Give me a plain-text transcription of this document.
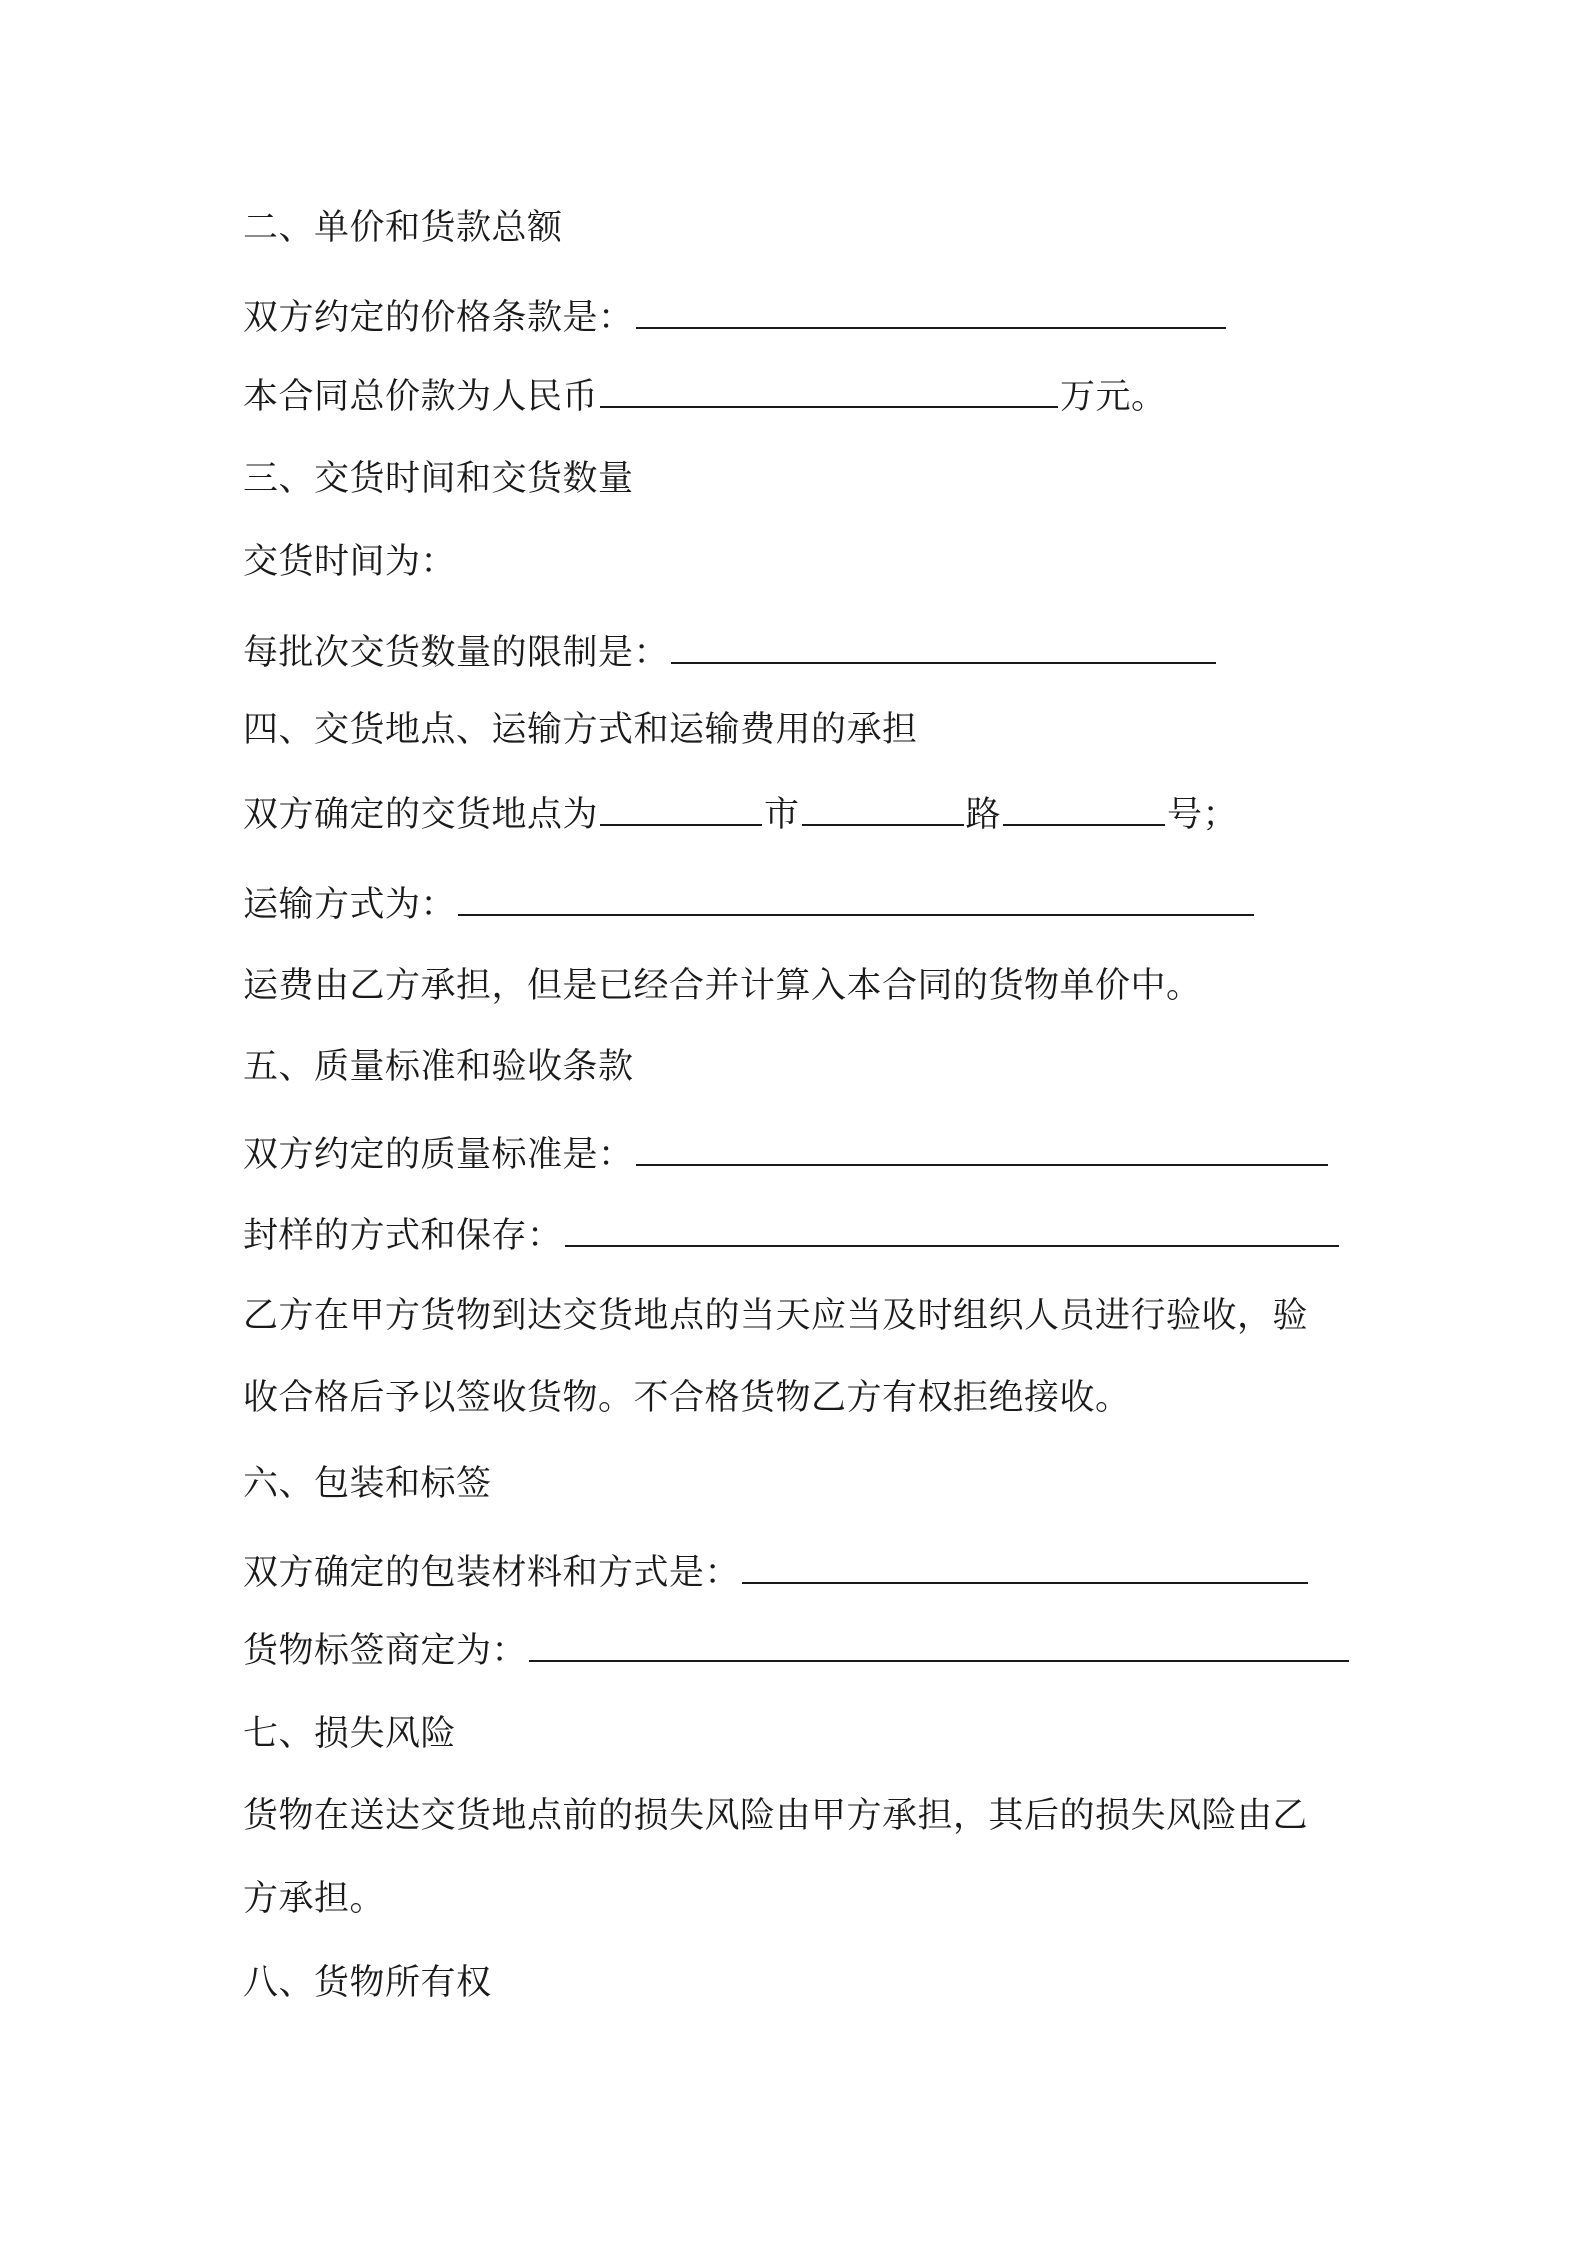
二、单价和货款总额
双方约定的价格条款是：
本合同总价款为人民币	万元。
三、交货时间和交货数量
交货时间为：
每批次交货数量的限制是：
四、交货地点、运输方式和运输费用的承担
双方确定的交货地点为	市	路	号；
运输方式为：
运费由乙方承担，但是已经合并计算入本合同的货物单价中。
五、质量标准和验收条款
双方约定的质量标准是：
封样的方式和保存：
乙方在甲方货物到达交货地点的当天应当及时组织人员进行验收，验
收合格后予以签收货物。不合格货物乙方有权拒绝接收。
六、包装和标签
双方确定的包装材料和方式是：
货物标签商定为：
七、损失风险
货物在送达交货地点前的损失风险由甲方承担，其后的损失风险由乙
方承担。
八、货物所有权
